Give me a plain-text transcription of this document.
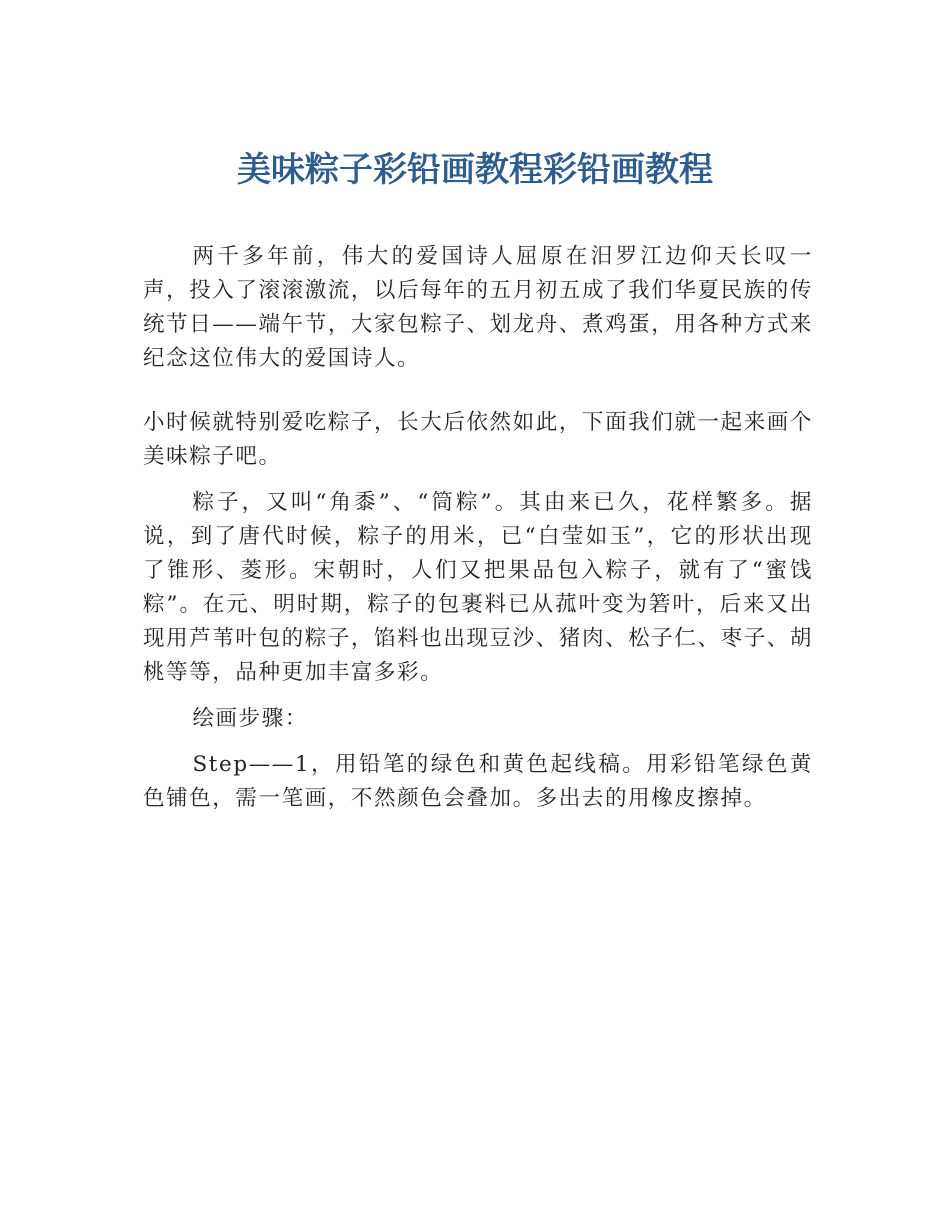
美味粽子彩铅画教程彩铅画教程

两千多年前，伟大的爱国诗人屈原在汨罗江边仰天长叹一声，投入了滚滚激流，以后每年的五月初五成了我们华夏民族的传统节日——端午节，大家包粽子、划龙舟、煮鸡蛋，用各种方式来纪念这位伟大的爱国诗人。

小时候就特别爱吃粽子，长大后依然如此，下面我们就一起来画个美味粽子吧。

粽子，又叫“角黍”、“筒粽”。其由来已久，花样繁多。据说，到了唐代时候，粽子的用米，已“白莹如玉”，它的形状出现了锥形、菱形。宋朝时，人们又把果品包入粽子，就有了“蜜饯粽”。在元、明时期，粽子的包裹料已从菰叶变为箬叶，后来又出现用芦苇叶包的粽子，馅料也出现豆沙、猪肉、松子仁、枣子、胡桃等等，品种更加丰富多彩。

绘画步骤：

Step——1，用铅笔的绿色和黄色起线稿。用彩铅笔绿色黄色铺色，需一笔画，不然颜色会叠加。多出去的用橡皮擦掉。
